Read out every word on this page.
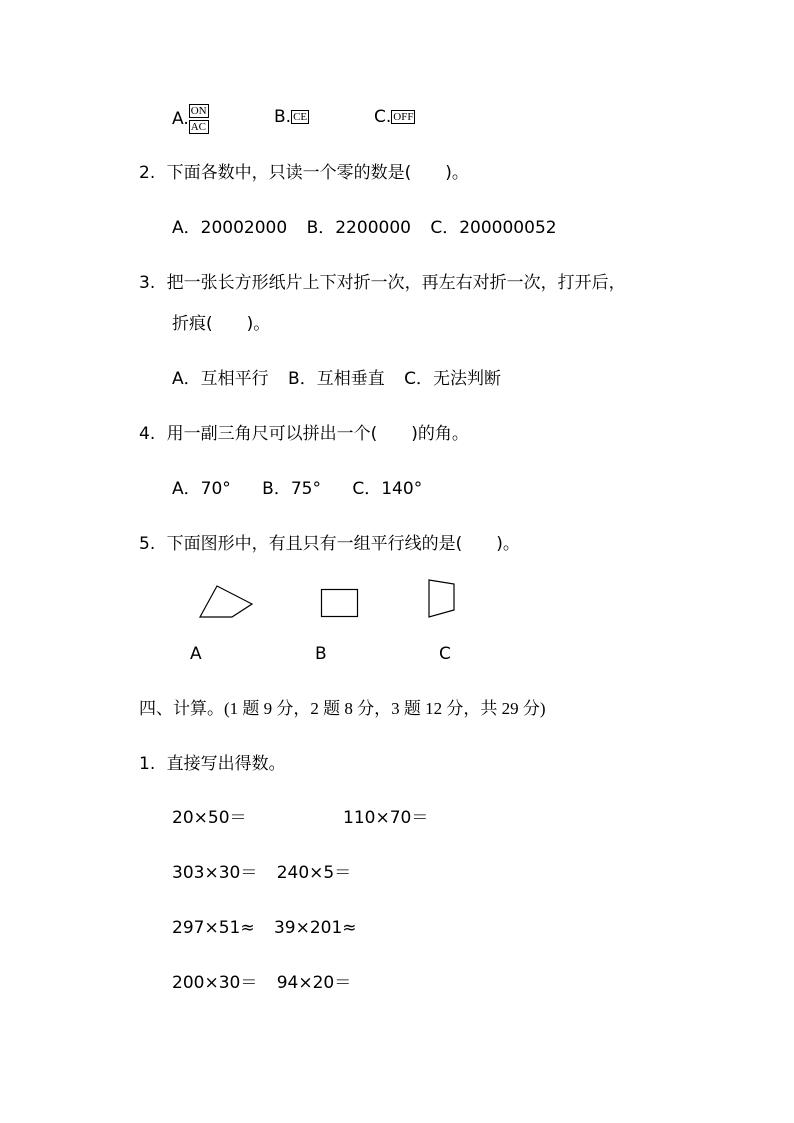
A. $\frac{ON}{AC}$	B. CE	C. OFF
2. 下面各数中，只读一个零的数是(　　)。
A．20002000 B．2200000 C．200000052
3. 把一张长方形纸片上下对折一次，再左右对折一次，打开后，
折痕(　　)。
A．互相平行 B．互相垂直 C．无法判断
4. 用一副三角尺可以拼出一个(　　)的角。
A．70° B．75° C．140°
5. 下面图形中，有且只有一组平行线的是(　　)。
A	B	C
四、计算。(1 题 9 分，2 题 8 分，3 题 12 分，共 29 分)
1. 直接写出得数。
20×50＝	110×70＝
303×30＝ 240×5＝
297×51≈ 39×201≈
200×30＝ 94×20＝
